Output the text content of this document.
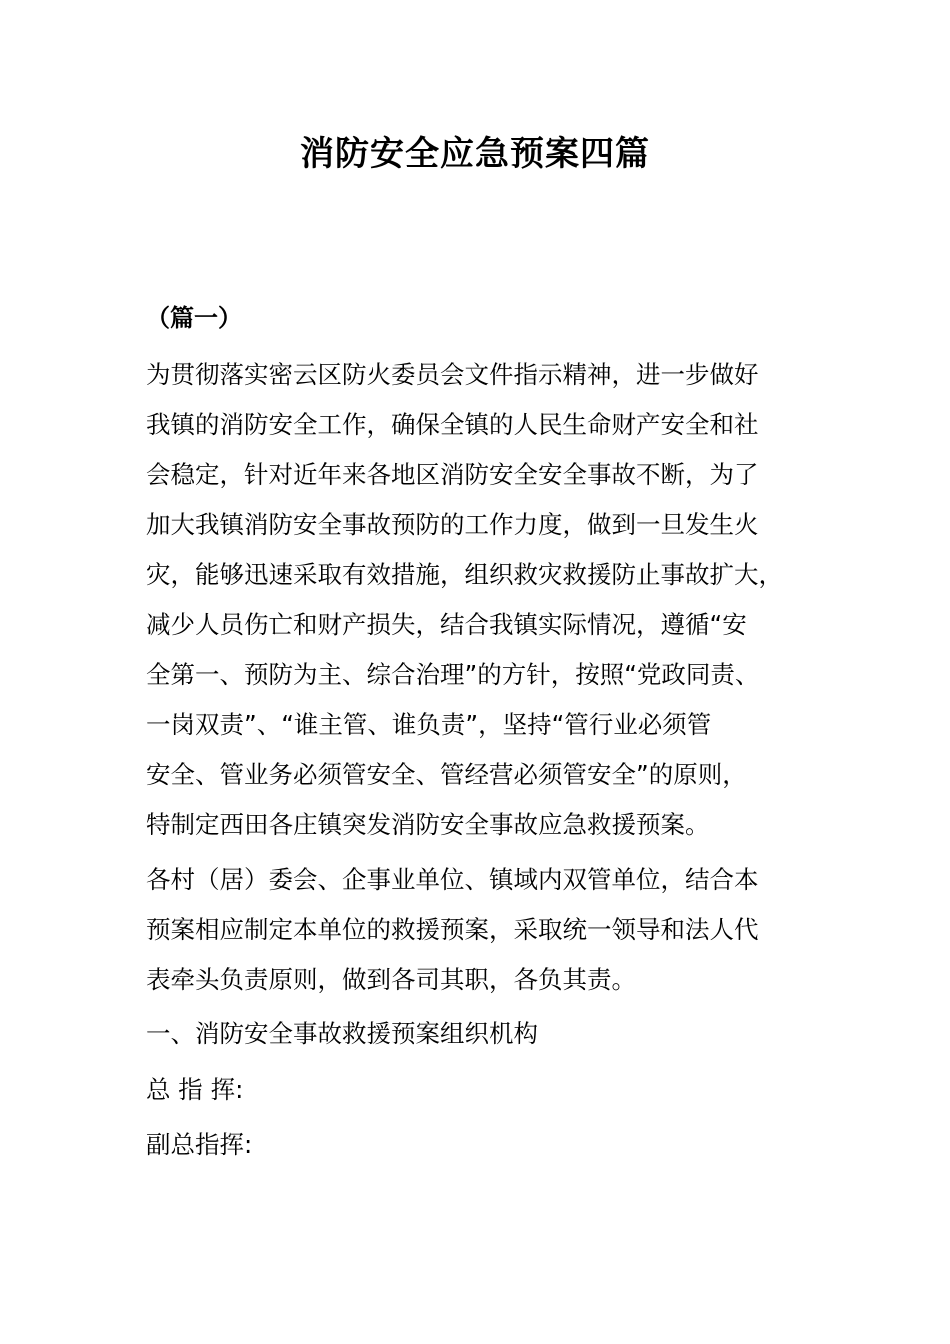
消防安全应急预案四篇

（篇一）

为贯彻落实密云区防火委员会文件指示精神，进一步做好
我镇的消防安全工作，确保全镇的人民生命财产安全和社
会稳定，针对近年来各地区消防安全安全事故不断，为了
加大我镇消防安全事故预防的工作力度，做到一旦发生火
灾，能够迅速采取有效措施，组织救灾救援防止事故扩大，
减少人员伤亡和财产损失，结合我镇实际情况，遵循“安
全第一、预防为主、综合治理”的方针，按照“党政同责、
一岗双责”、“谁主管、谁负责”，坚持“管行业必须管
安全、管业务必须管安全、管经营必须管安全”的原则，
特制定西田各庄镇突发消防安全事故应急救援预案。
各村（居）委会、企事业单位、镇域内双管单位，结合本
预案相应制定本单位的救援预案，采取统一领导和法人代
表牵头负责原则，做到各司其职，各负其责。

一、消防安全事故救援预案组织机构

总 指 挥:

副总指挥:
